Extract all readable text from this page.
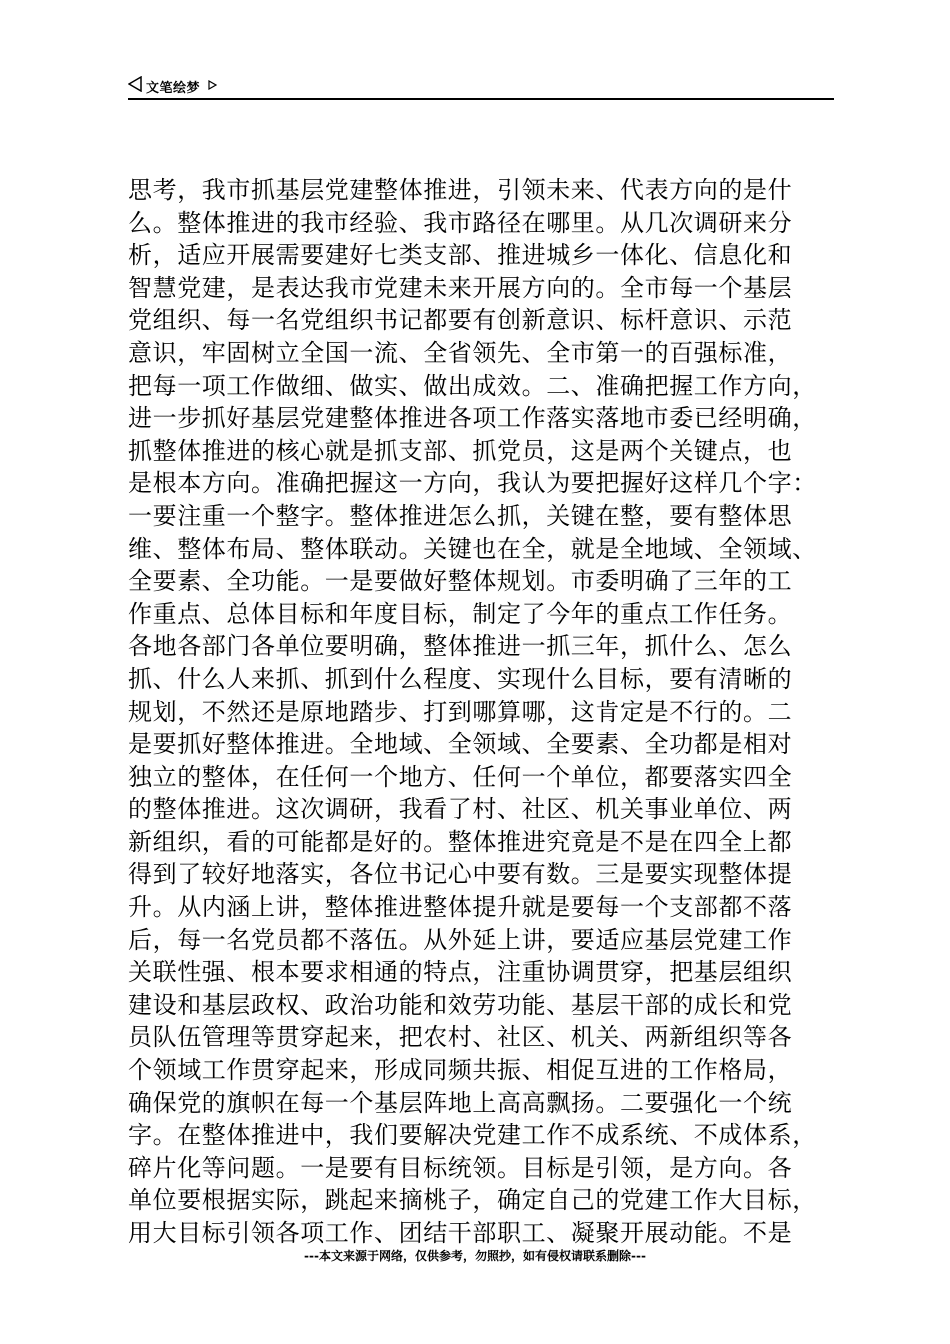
文笔绘梦
思考，我市抓基层党建整体推进，引领未来、代表方向的是什
么。整体推进的我市经验、我市路径在哪里。从几次调研来分
析，适应开展需要建好七类支部、推进城乡一体化、信息化和
智慧党建，是表达我市党建未来开展方向的。全市每一个基层
党组织、每一名党组织书记都要有创新意识、标杆意识、示范
意识，牢固树立全国一流、全省领先、全市第一的百强标准，
把每一项工作做细、做实、做出成效。二、准确把握工作方向，
进一步抓好基层党建整体推进各项工作落实落地市委已经明确，
抓整体推进的核心就是抓支部、抓党员，这是两个关键点，也
是根本方向。准确把握这一方向，我认为要把握好这样几个字：
一要注重一个整字。整体推进怎么抓，关键在整，要有整体思
维、整体布局、整体联动。关键也在全，就是全地域、全领域、
全要素、全功能。一是要做好整体规划。市委明确了三年的工
作重点、总体目标和年度目标，制定了今年的重点工作任务。
各地各部门各单位要明确，整体推进一抓三年，抓什么、怎么
抓、什么人来抓、抓到什么程度、实现什么目标，要有清晰的
规划，不然还是原地踏步、打到哪算哪，这肯定是不行的。二
是要抓好整体推进。全地域、全领域、全要素、全功都是相对
独立的整体，在任何一个地方、任何一个单位，都要落实四全
的整体推进。这次调研，我看了村、社区、机关事业单位、两
新组织，看的可能都是好的。整体推进究竟是不是在四全上都
得到了较好地落实，各位书记心中要有数。三是要实现整体提
升。从内涵上讲，整体推进整体提升就是要每一个支部都不落
后，每一名党员都不落伍。从外延上讲，要适应基层党建工作
关联性强、根本要求相通的特点，注重协调贯穿，把基层组织
建设和基层政权、政治功能和效劳功能、基层干部的成长和党
员队伍管理等贯穿起来，把农村、社区、机关、两新组织等各
个领域工作贯穿起来，形成同频共振、相促互进的工作格局，
确保党的旗帜在每一个基层阵地上高高飘扬。二要强化一个统
字。在整体推进中，我们要解决党建工作不成系统、不成体系，
碎片化等问题。一是要有目标统领。目标是引领，是方向。各
单位要根据实际，跳起来摘桃子，确定自己的党建工作大目标，
用大目标引领各项工作、团结干部职工、凝聚开展动能。不是
---本文来源于网络，仅供参考，勿照抄，如有侵权请联系删除---
